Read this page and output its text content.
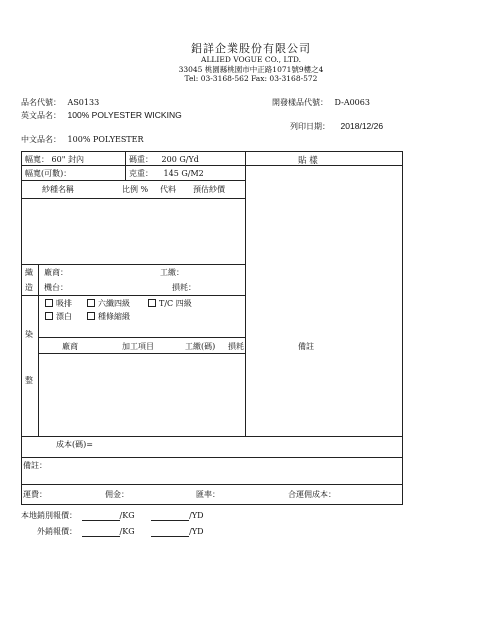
鋁詳企業股份有限公司
ALLIED VOGUE CO., LTD.
33045 桃園縣桃園市中正路1071號9樓之4
Tel: 03-3168-562 Fax: 03-3168-572
品名代號： AS0133	開發樣品代號： D-A0063
英文品名： 100% POLYESTER WICKING
列印日期： 2018/12/26
中文品名： 100% POLYESTER
幅寬： 60" 封內	碼重： 200 G/Yd	貼 樣
幅寬(可數)：	克重： 145 G/M2
紗種名稱	比例 % 代料 預估紗價
織
造
廠商：	工繳：
機台：	損耗：
染
整
吸排	六纖四級	T/C 四級
漂白	種條縮緞
廠商	加工項目	工繳(碼) 損耗	備註
成本(碼)=
備註：
運費：	佣金：	匯率：	合運佣成本：
本地銷別報價：	/KG	/YD
外銷報價：	/KG	/YD
